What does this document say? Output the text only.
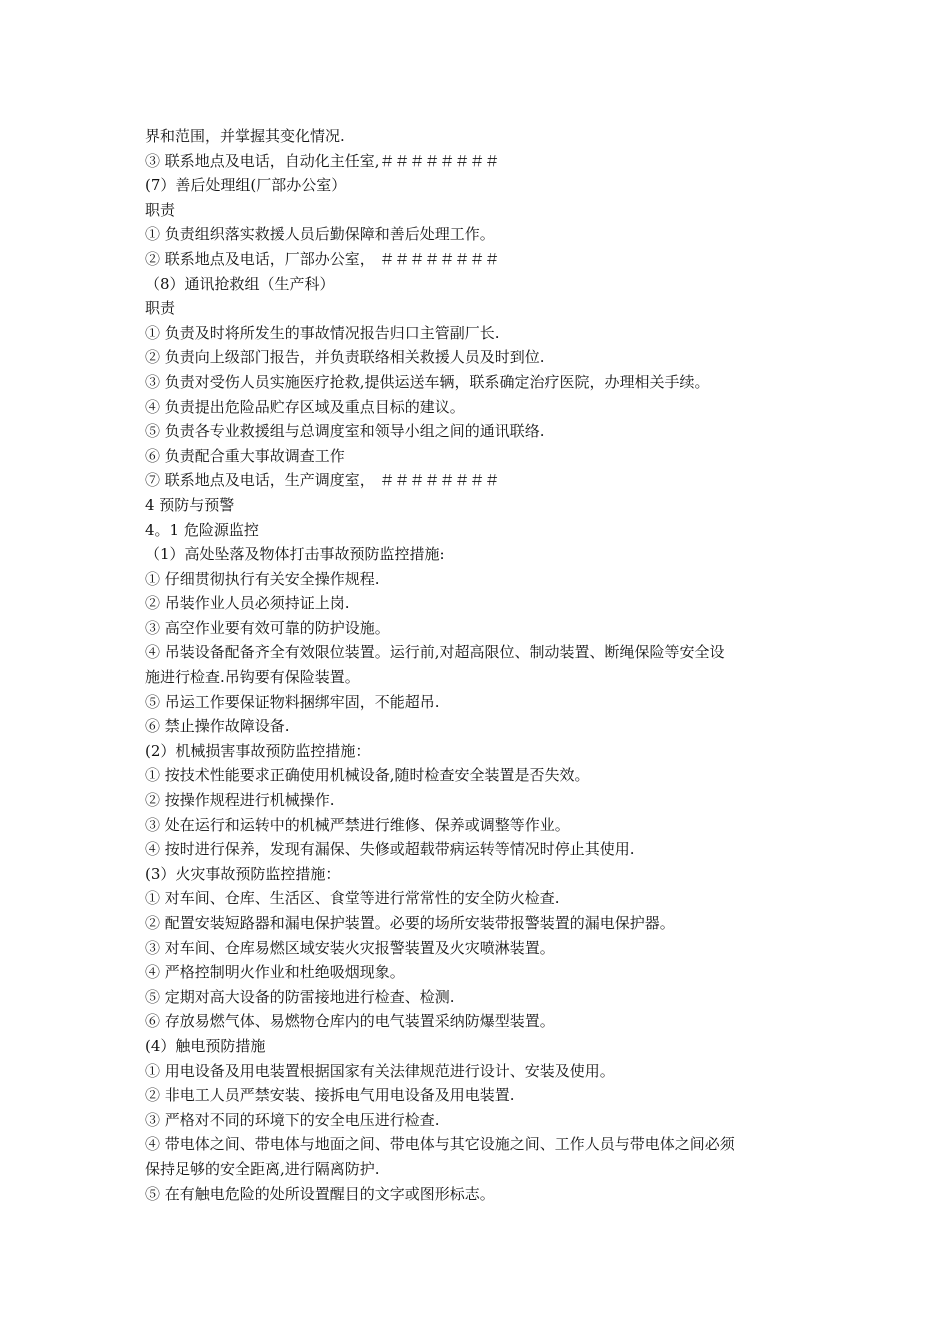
界和范围，并掌握其变化情况.
③ 联系地点及电话，自动化主任室,＃＃＃＃＃＃＃＃
(7）善后处理组(厂部办公室）
职责
① 负责组织落实救援人员后勤保障和善后处理工作。
② 联系地点及电话，厂部办公室， ＃＃＃＃＃＃＃＃
（8）通讯抢救组（生产科）
职责
① 负责及时将所发生的事故情况报告归口主管副厂长.
② 负责向上级部门报告，并负责联络相关救援人员及时到位.
③ 负责对受伤人员实施医疗抢救,提供运送车辆，联系确定治疗医院，办理相关手续。
④ 负责提出危险品贮存区域及重点目标的建议。
⑤ 负责各专业救援组与总调度室和领导小组之间的通讯联络.
⑥ 负责配合重大事故调查工作
⑦ 联系地点及电话，生产调度室， ＃＃＃＃＃＃＃＃
4 预防与预警
4。1 危险源监控
（1）高处坠落及物体打击事故预防监控措施:
① 仔细贯彻执行有关安全操作规程.
② 吊装作业人员必须持证上岗.
③ 高空作业要有效可靠的防护设施。
④ 吊装设备配备齐全有效限位装置。运行前,对超高限位、制动装置、断绳保险等安全设
施进行检查.吊钩要有保险装置。
⑤ 吊运工作要保证物料捆绑牢固，不能超吊.
⑥ 禁止操作故障设备.
(2）机械损害事故预防监控措施：
① 按技术性能要求正确使用机械设备,随时检查安全装置是否失效。
② 按操作规程进行机械操作.
③ 处在运行和运转中的机械严禁进行维修、保养或调整等作业。
④ 按时进行保养，发现有漏保、失修或超载带病运转等情况时停止其使用.
(3）火灾事故预防监控措施：
① 对车间、仓库、生活区、食堂等进行常常性的安全防火检查.
② 配置安装短路器和漏电保护装置。必要的场所安装带报警装置的漏电保护器。
③ 对车间、仓库易燃区域安装火灾报警装置及火灾喷淋装置。
④ 严格控制明火作业和杜绝吸烟现象。
⑤ 定期对高大设备的防雷接地进行检查、检测.
⑥ 存放易燃气体、易燃物仓库内的电气装置采纳防爆型装置。
(4）触电预防措施
① 用电设备及用电装置根据国家有关法律规范进行设计、安装及使用。
② 非电工人员严禁安装、接拆电气用电设备及用电装置.
③ 严格对不同的环境下的安全电压进行检查.
④ 带电体之间、带电体与地面之间、带电体与其它设施之间、工作人员与带电体之间必须
保持足够的安全距离,进行隔离防护.
⑤ 在有触电危险的处所设置醒目的文字或图形标志。
